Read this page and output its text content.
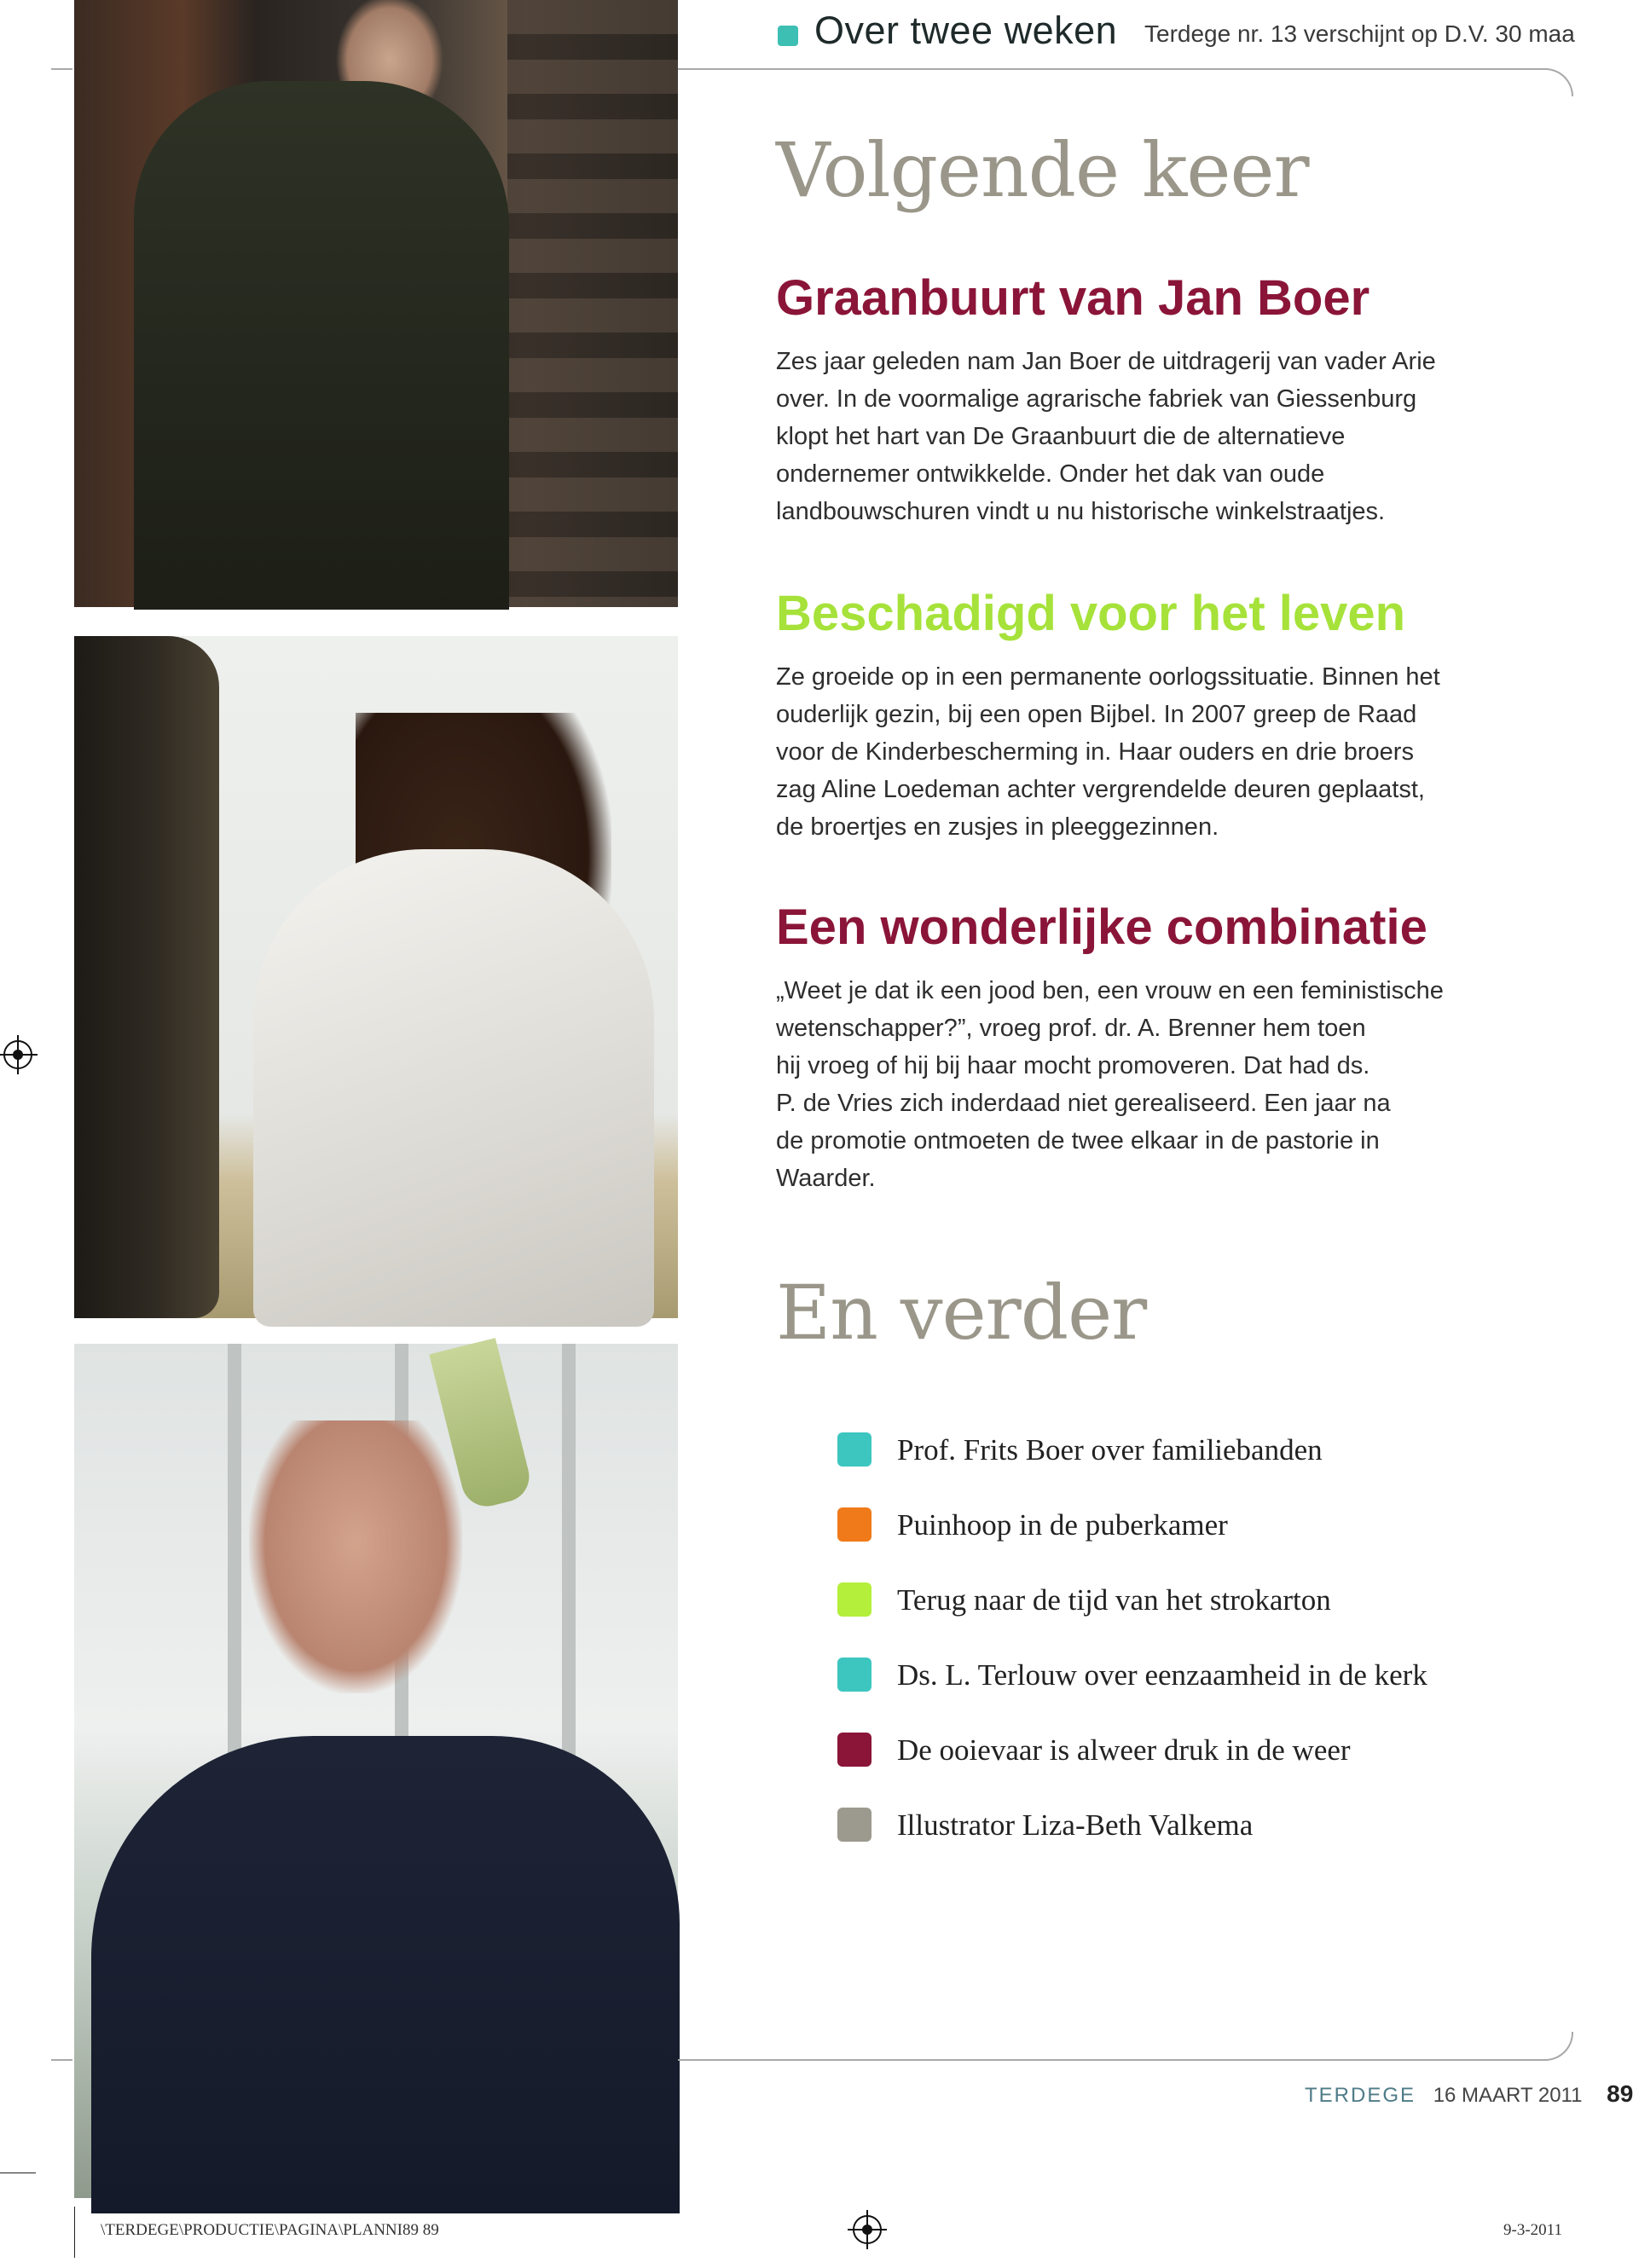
Over twee weken Terdege nr. 13 verschijnt op D.V. 30 maa
Volgende keer
Graanbuurt van Jan Boer
Zes jaar geleden nam Jan Boer de uitdragerij van vader Arie
over. In de voormalige agrarische fabriek van Giessenburg
klopt het hart van De Graanbuurt die de alternatieve
ondernemer ontwikkelde. Onder het dak van oude
landbouwschuren vindt u nu historische winkelstraatjes.
Beschadigd voor het leven
Ze groeide op in een permanente oorlogssituatie. Binnen het
ouderlijk gezin, bij een open Bijbel. In 2007 greep de Raad
voor de Kinderbescherming in. Haar ouders en drie broers
zag Aline Loedeman achter vergrendelde deuren geplaatst,
de broertjes en zusjes in pleeggezinnen.
Een wonderlijke combinatie
„Weet je dat ik een jood ben, een vrouw en een feministische
wetenschapper?”, vroeg prof. dr. A. Brenner hem toen
hij vroeg of hij bij haar mocht promoveren. Dat had ds.
P. de Vries zich inderdaad niet gerealiseerd. Een jaar na
de promotie ontmoeten de twee elkaar in de pastorie in
Waarder.
En verder
Prof. Frits Boer over familiebanden
Puinhoop in de puberkamer
Terug naar de tijd van het strokarton
Ds. L. Terlouw over eenzaamheid in de kerk
De ooievaar is alweer druk in de weer
Illustrator Liza-Beth Valkema
TERDEGE 16 MAART 2011 89
\TERDEGE\PRODUCTIE\PAGINA\PLANNI89 89	9-3-2011
